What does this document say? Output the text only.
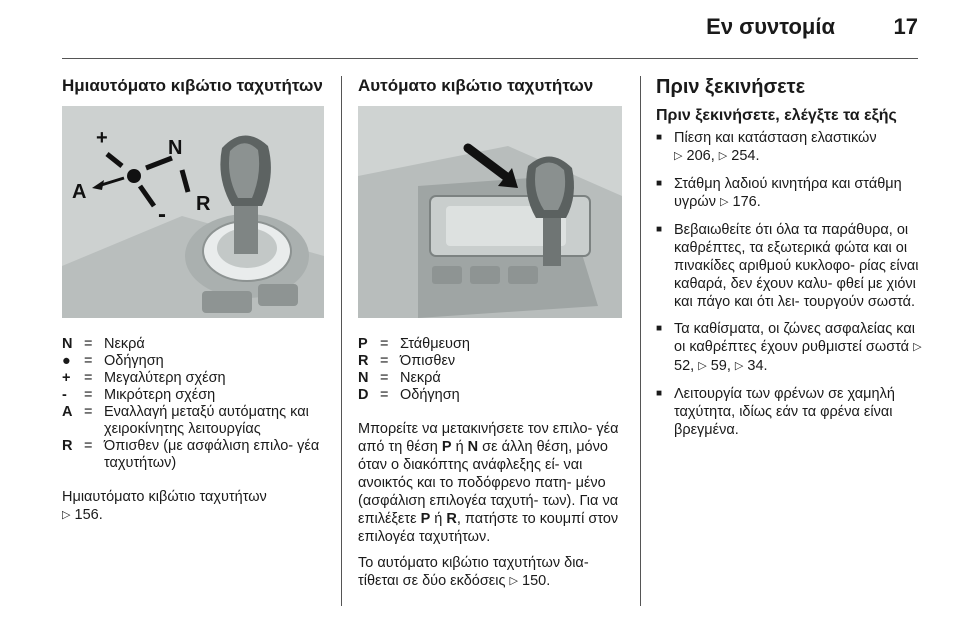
Εν συντομία	17
Ημιαυτόματο κιβώτιο ταχυτήτων
+	N
A
R
-
N = Νεκρά
● = Οδήγηση
+ = Μεγαλύτερη σχέση
-	= Μικρότερη σχέση
A = Εναλλαγή μεταξύ αυτόματης και χειροκίνητης λειτουργίας
R = Όπισθεν (με ασφάλιση επιλο- γέα ταχυτήτων)

Ημιαυτόματο κιβώτιο ταχυτήτων
▷ 156.

Αυτόματο κιβώτιο ταχυτήτων
P = Στάθμευση
R = Όπισθεν
N = Νεκρά
D = Οδήγηση

Μπορείτε να μετακινήσετε τον επιλο- γέα από τη θέση P ή N σε άλλη θέση, μόνο όταν ο διακόπτης ανάφλεξης εί- ναι ανοικτός και το ποδόφρενο πατη- μένο (ασφάλιση επιλογέα ταχυτή- των). Για να επιλέξετε P ή R, πατήστε το κουμπί στον επιλογέα ταχυτήτων.

Το αυτόματο κιβώτιο ταχυτήτων δια- τίθεται σε δύο εκδόσεις ▷ 150.

Πριν ξεκινήσετε
Πριν ξεκινήσετε, ελέγξτε τα εξής
■ Πίεση και κατάσταση ελαστικών
▷ 206, ▷ 254.
■ Στάθμη λαδιού κινητήρα και στάθμη υγρών ▷ 176.
■ Βεβαιωθείτε ότι όλα τα παράθυρα, οι καθρέπτες, τα εξωτερικά φώτα και οι πινακίδες αριθμού κυκλοφο- ρίας είναι καθαρά, δεν έχουν καλυ- φθεί με χιόνι και πάγο και ότι λει- τουργούν σωστά.
■ Τα καθίσματα, οι ζώνες ασφαλείας και οι καθρέπτες έχουν ρυθμιστεί σωστά ▷ 52, ▷ 59, ▷ 34.
■ Λειτουργία των φρένων σε χαμηλή ταχύτητα, ιδίως εάν τα φρένα είναι βρεγμένα.
